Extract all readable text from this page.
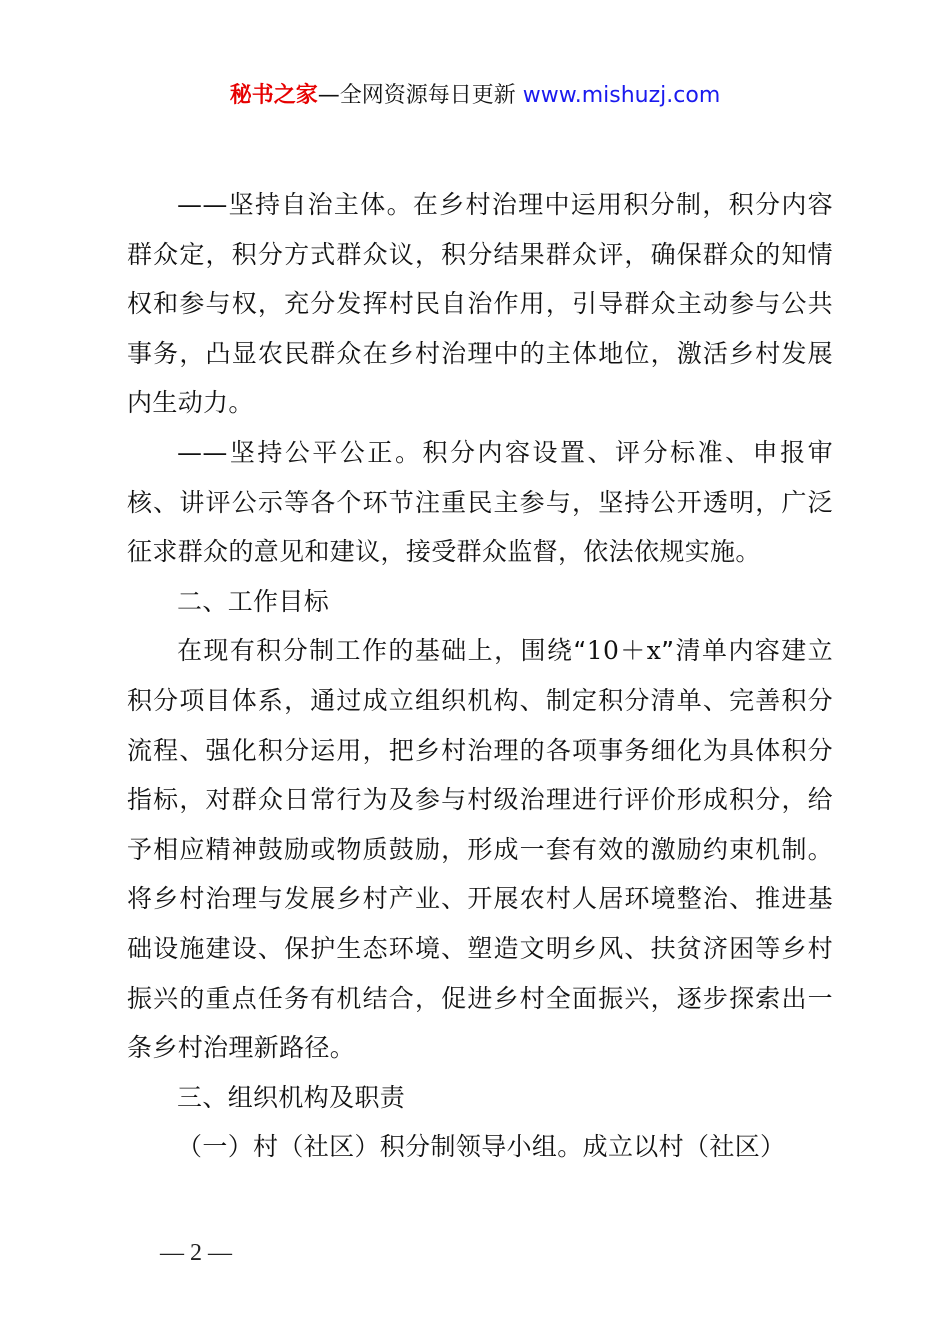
秘书之家—全网资源每日更新 www.mishuzj.com

——坚持自治主体。在乡村治理中运用积分制，积分内容群众定，积分方式群众议，积分结果群众评，确保群众的知情权和参与权，充分发挥村民自治作用，引导群众主动参与公共事务，凸显农民群众在乡村治理中的主体地位，激活乡村发展内生动力。

——坚持公平公正。积分内容设置、评分标准、申报审核、讲评公示等各个环节注重民主参与，坚持公开透明，广泛征求群众的意见和建议，接受群众监督，依法依规实施。

二、工作目标

在现有积分制工作的基础上，围绕“10＋x”清单内容建立积分项目体系，通过成立组织机构、制定积分清单、完善积分流程、强化积分运用，把乡村治理的各项事务细化为具体积分指标，对群众日常行为及参与村级治理进行评价形成积分，给予相应精神鼓励或物质鼓励，形成一套有效的激励约束机制。将乡村治理与发展乡村产业、开展农村人居环境整治、推进基础设施建设、保护生态环境、塑造文明乡风、扶贫济困等乡村振兴的重点任务有机结合，促进乡村全面振兴，逐步探索出一条乡村治理新路径。

三、组织机构及职责

（一）村（社区）积分制领导小组。成立以村（社区）

— 2 —
